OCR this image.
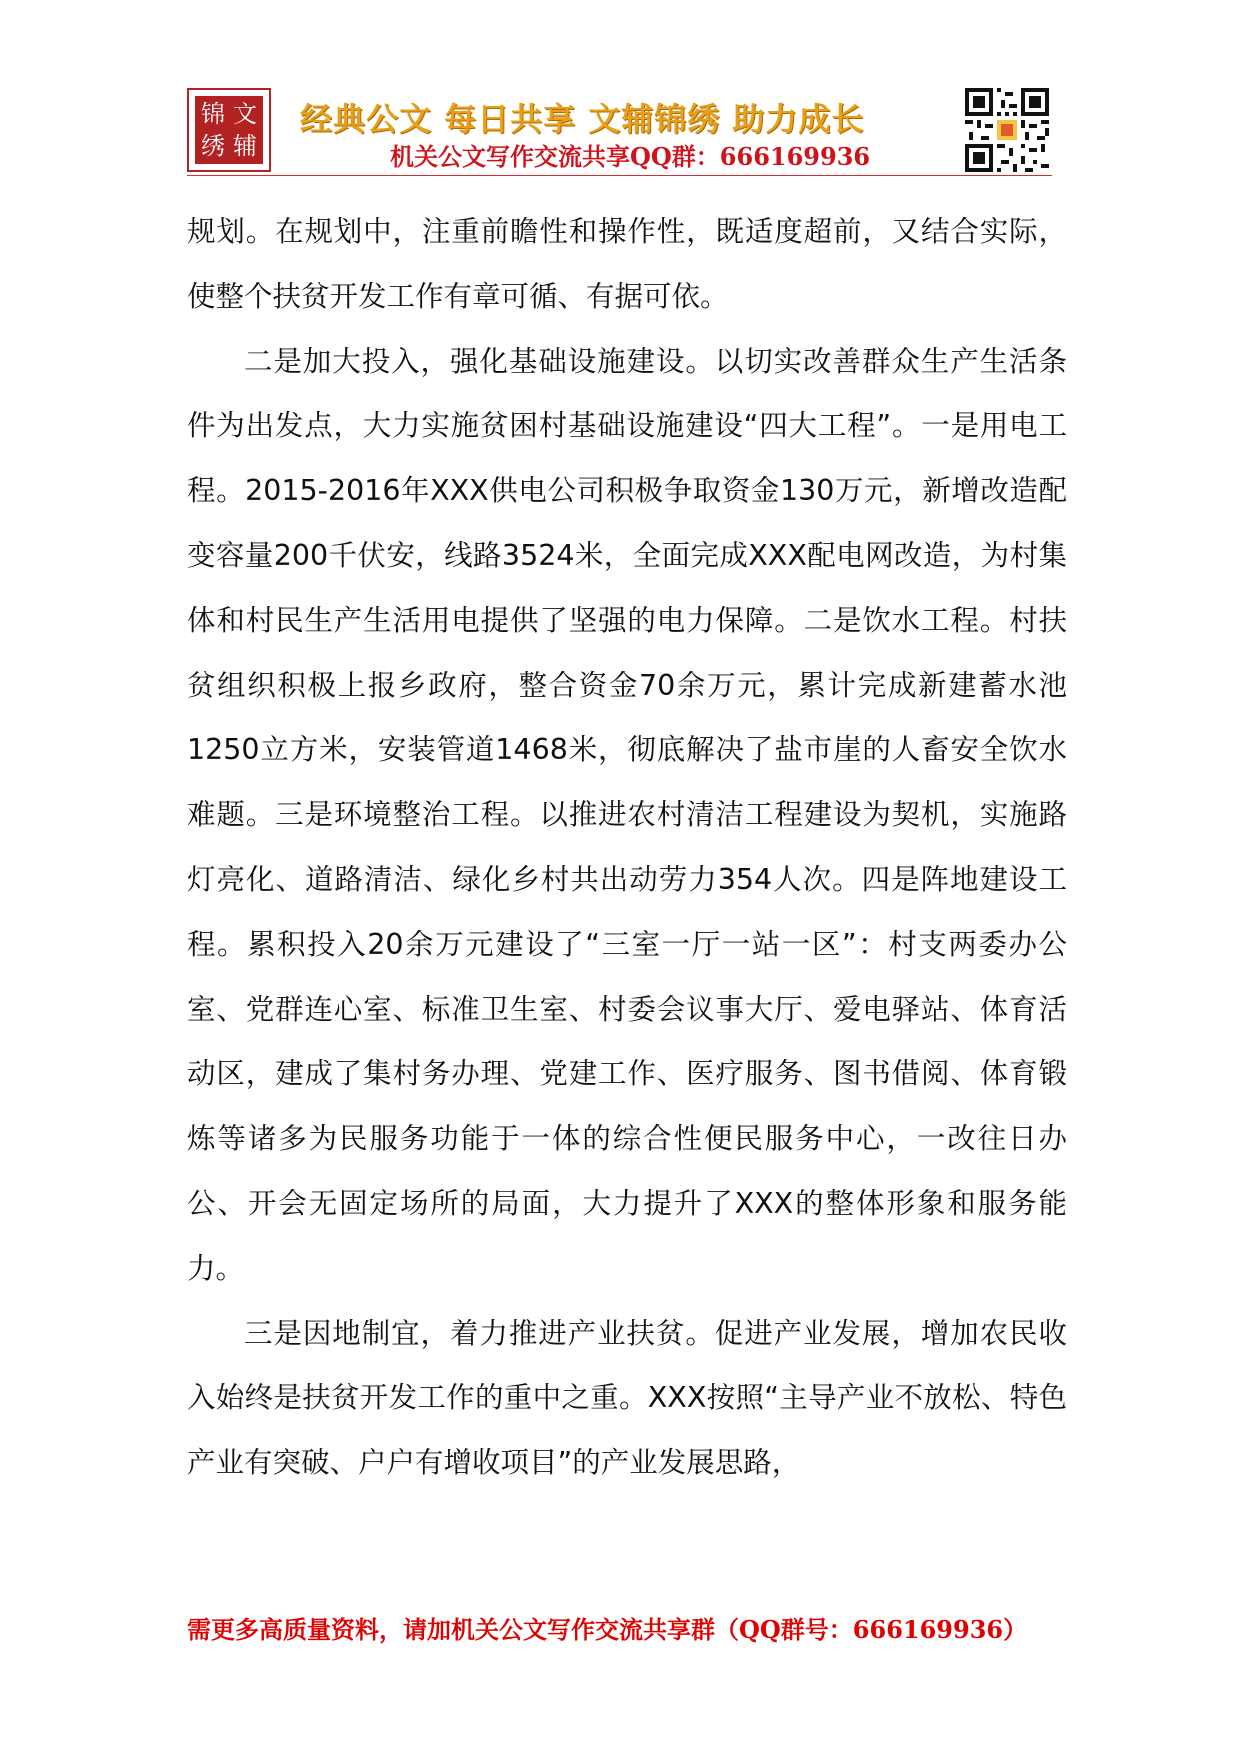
锦 文
绣 辅
经典公文 每日共享 文辅锦绣 助力成长
机关公文写作交流共享QQ群：666169936

规划。在规划中，注重前瞻性和操作性，既适度超前，又结合实际，使整个扶贫开发工作有章可循、有据可依。

二是加大投入，强化基础设施建设。以切实改善群众生产生活条件为出发点，大力实施贫困村基础设施建设“四大工程”。一是用电工程。2015-2016年XXX供电公司积极争取资金130万元，新增改造配变容量200千伏安，线路3524米，全面完成XXX配电网改造，为村集体和村民生产生活用电提供了坚强的电力保障。二是饮水工程。村扶贫组织积极上报乡政府，整合资金70余万元，累计完成新建蓄水池1250立方米，安装管道1468米，彻底解决了盐市崖的人畜安全饮水难题。三是环境整治工程。以推进农村清洁工程建设为契机，实施路灯亮化、道路清洁、绿化乡村共出动劳力354人次。四是阵地建设工程。累积投入20余万元建设了“三室一厅一站一区”：村支两委办公室、党群连心室、标准卫生室、村委会议事大厅、爱电驿站、体育活动区，建成了集村务办理、党建工作、医疗服务、图书借阅、体育锻炼等诸多为民服务功能于一体的综合性便民服务中心，一改往日办公、开会无固定场所的局面，大力提升了XXX的整体形象和服务能力。

三是因地制宜，着力推进产业扶贫。促进产业发展，增加农民收入始终是扶贫开发工作的重中之重。XXX按照“主导产业不放松、特色产业有突破、户户有增收项目”的产业发展思路，

需更多高质量资料，请加机关公文写作交流共享群（QQ群号：666169936）
